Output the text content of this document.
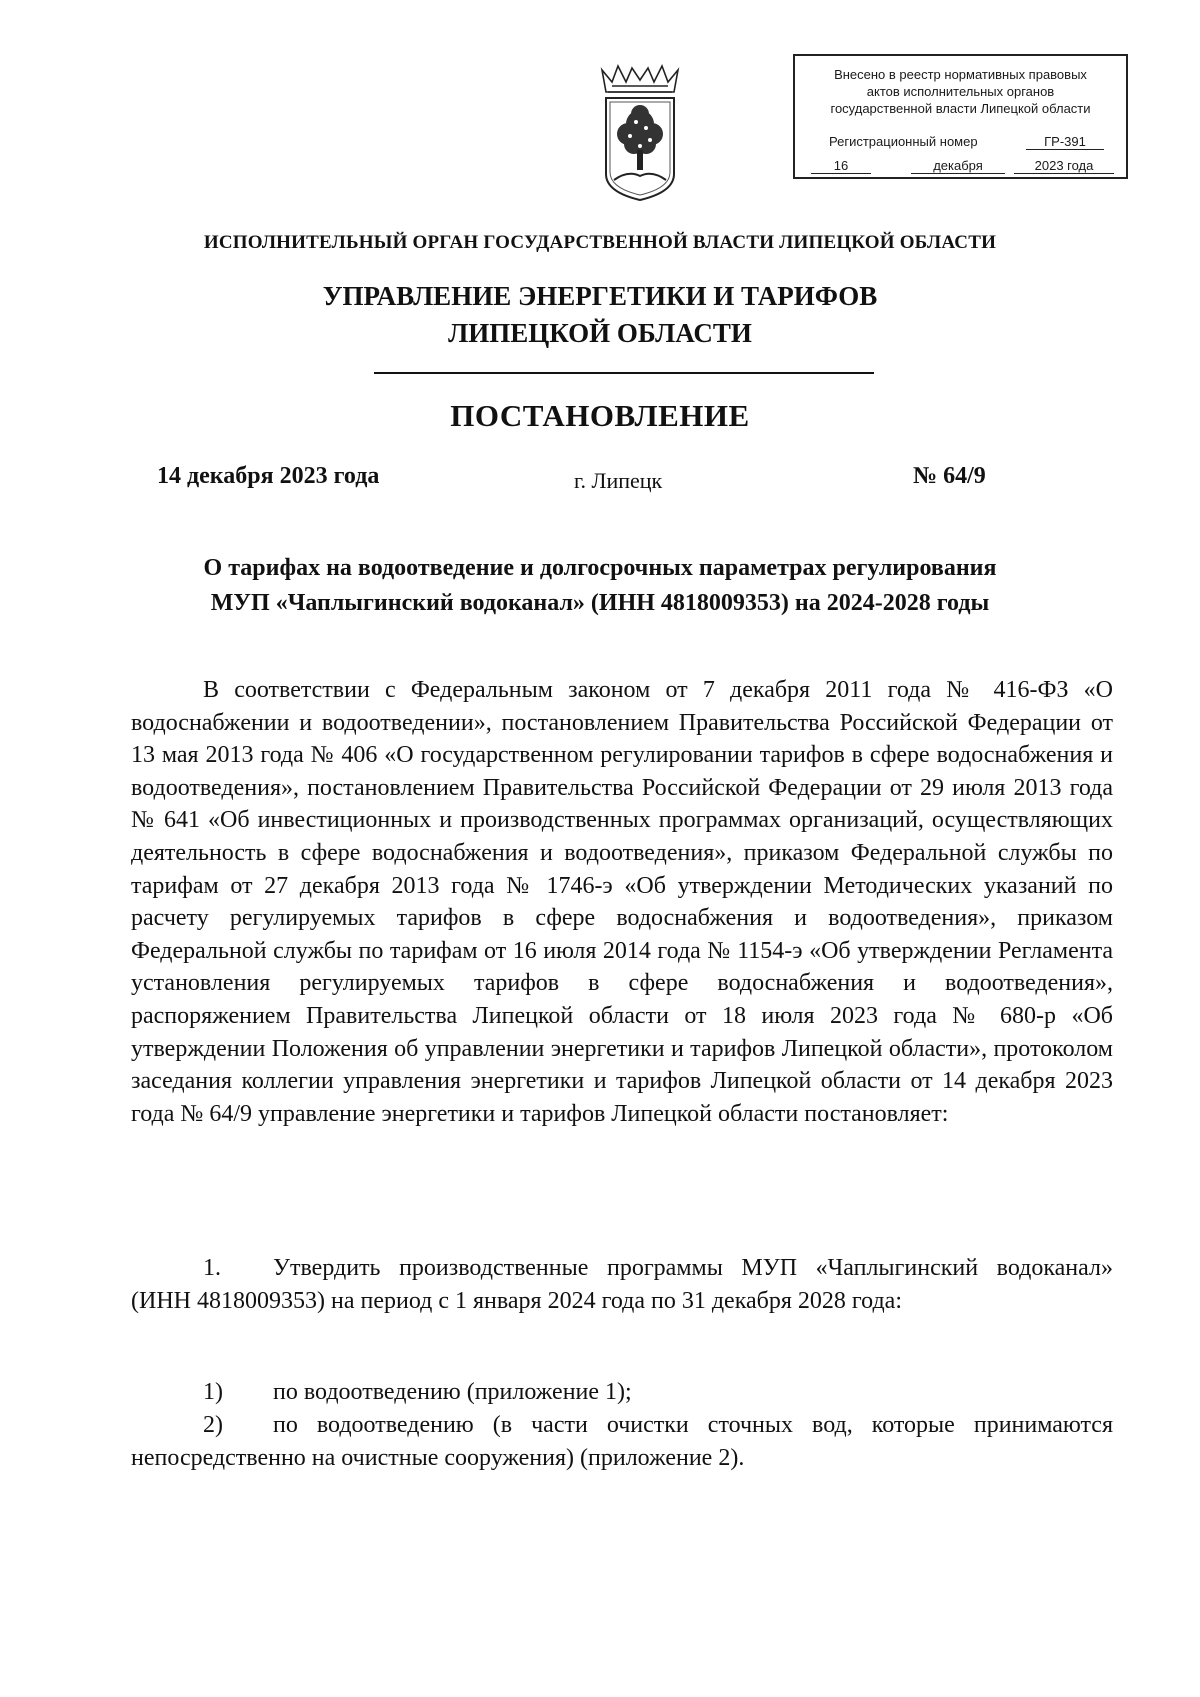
Внесено в реестр нормативных правовых
актов исполнительных органов
государственной власти Липецкой области
Регистрационный номер	ГР-391
16	декабря	2023 года
ИСПОЛНИТЕЛЬНЫЙ ОРГАН ГОСУДАРСТВЕННОЙ ВЛАСТИ ЛИПЕЦКОЙ ОБЛАСТИ
УПРАВЛЕНИЕ ЭНЕРГЕТИКИ И ТАРИФОВ
ЛИПЕЦКОЙ ОБЛАСТИ
ПОСТАНОВЛЕНИЕ
14 декабря 2023 года	г. Липецк	№ 64/9
О тарифах на водоотведение и долгосрочных параметрах регулирования
МУП «Чаплыгинский водоканал» (ИНН 4818009353) на 2024-2028 годы
В соответствии с Федеральным законом от 7 декабря 2011 года № 416-ФЗ «О водоснабжении и водоотведении», постановлением Правительства Российской Федерации от 13 мая 2013 года № 406 «О государственном регулировании тарифов в сфере водоснабжения и водоотведения», постановлением Правительства Российской Федерации от 29 июля 2013 года № 641 «Об инвестиционных и производственных программах организаций, осуществляющих деятельность в сфере водоснабжения и водоотведения», приказом Федеральной службы по тарифам от 27 декабря 2013 года № 1746-э «Об утверждении Методических указаний по расчету регулируемых тарифов в сфере водоснабжения и водоотведения», приказом Федеральной службы по тарифам от 16 июля 2014 года № 1154-э «Об утверждении Регламента установления регулируемых тарифов в сфере водоснабжения и водоотведения», распоряжением Правительства Липецкой области от 18 июля 2023 года № 680-р «Об утверждении Положения об управлении энергетики и тарифов Липецкой области», протоколом заседания коллегии управления энергетики и тарифов Липецкой области от 14 декабря 2023 года № 64/9 управление энергетики и тарифов Липецкой области постановляет:
1. Утвердить производственные программы МУП «Чаплыгинский водоканал» (ИНН 4818009353) на период с 1 января 2024 года по 31 декабря 2028 года:
1) по водоотведению (приложение 1);
2) по водоотведению (в части очистки сточных вод, которые принимаются непосредственно на очистные сооружения) (приложение 2).
